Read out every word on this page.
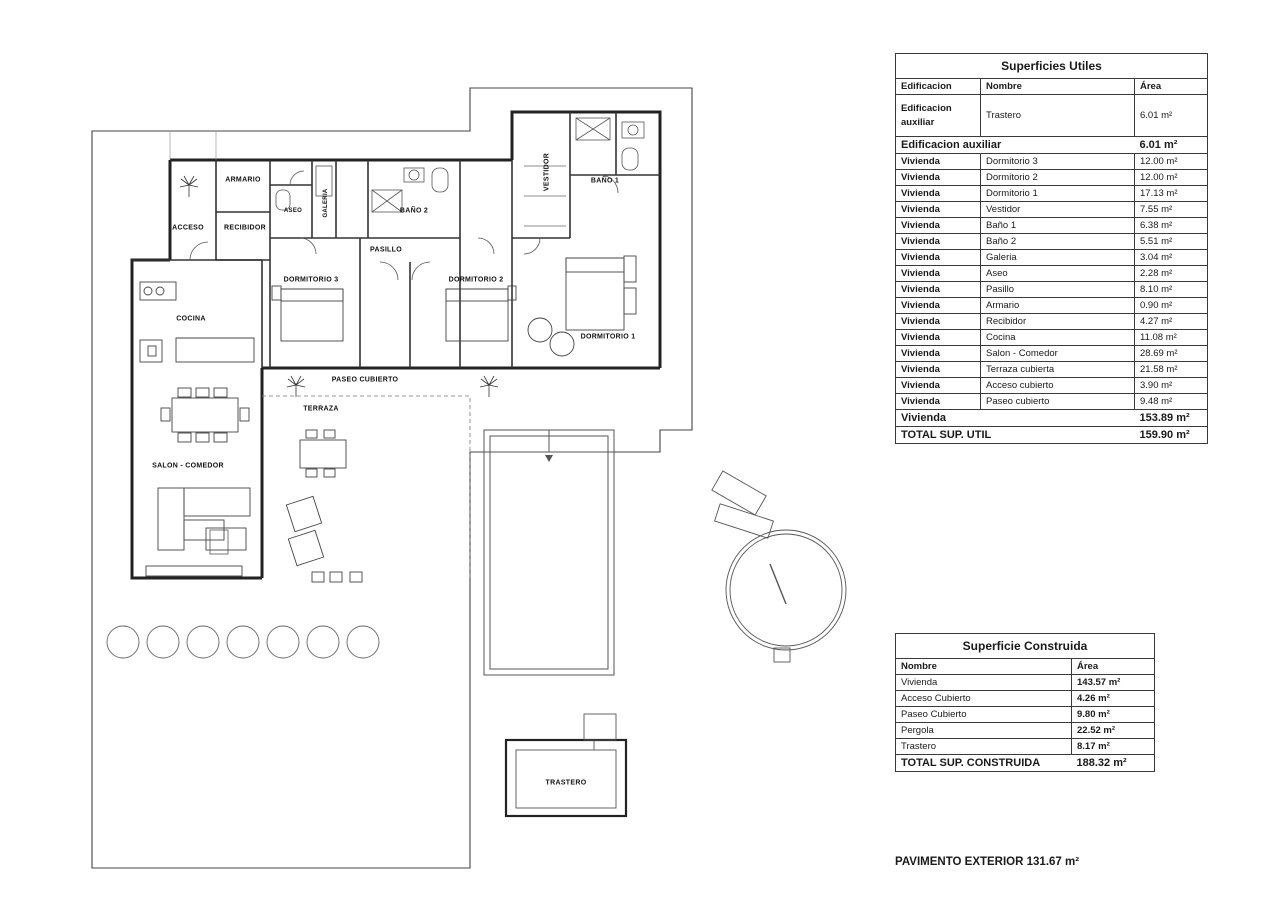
ACCESO
ARMARIO
RECIBIDOR
ASEO	GALERIA	BAÑO 2
PASILLO
VESTIDOR	BAÑO 1
DORMITORIO 3	DORMITORIO 2
DORMITORIO 1
COCINA
SALON - COMEDOR
TERRAZA
PASEO CUBIERTO
TRASTERO
Superficies Utiles		
Edificacion	Nombre	Área
Edificacion auxiliar	Trastero	6.01 m²
Edificacion auxiliar		6.01 m²
Vivienda	Dormitorio 3	12.00 m²
Vivienda	Dormitorio 2	12.00 m²
Vivienda	Dormitorio 1	17.13 m²
Vivienda	Vestidor	7.55 m²
Vivienda	Baño 1	6.38 m²
Vivienda	Baño 2	5.51 m²
Vivienda	Galeria	3.04 m²
Vivienda	Aseo	2.28 m²
Vivienda	Pasillo	8.10 m²
Vivienda	Armario	0.90 m²
Vivienda	Recibidor	4.27 m²
Vivienda	Cocina	11.08 m²
Vivienda	Salon - Comedor	28.69 m²
Vivienda	Terraza cubierta	21.58 m²
Vivienda	Acceso cubierto	3.90 m²
Vivienda	Paseo cubierto	9.48 m²
Vivienda		153.89 m²
TOTAL SUP. UTIL		159.90 m²
Superficie Construida	
Nombre	Área
Vivienda	143.57 m²
Acceso Cubierto	4.26 m²
Paseo Cubierto	9.80 m²
Pergola	22.52 m²
Trastero	8.17 m²
TOTAL SUP. CONSTRUIDA	188.32 m²
PAVIMENTO EXTERIOR 131.67 m²
